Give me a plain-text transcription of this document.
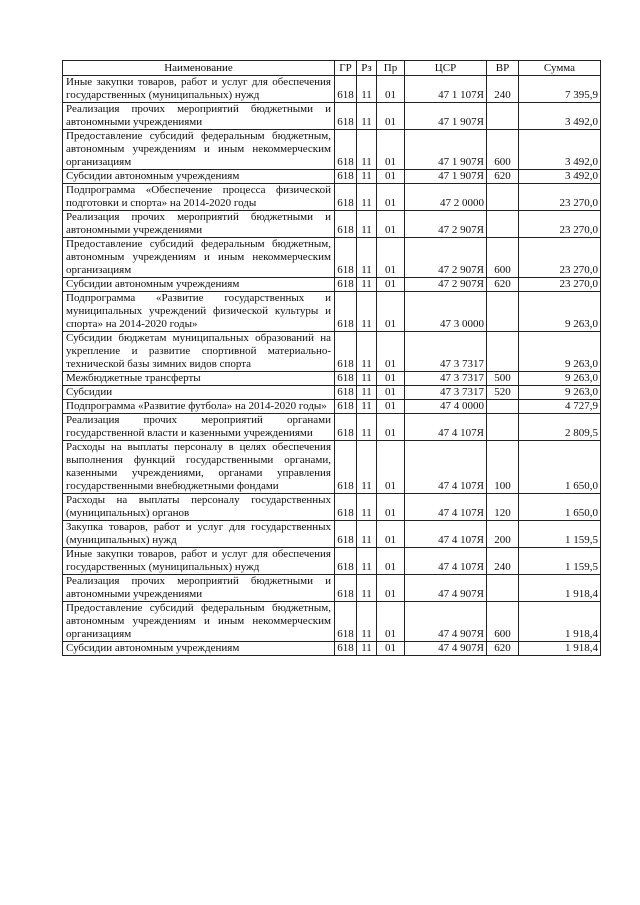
Наименование	ГР	Рз	Пр	ЦСР	ВР	Сумма
Иные закупки товаров, работ и услуг для обеспечения государственных (муниципальных) нужд	618	11	01	47 1 107Я	240	7 395,9
Реализация прочих мероприятий бюджетными и автономными учреждениями	618	11	01	47 1 907Я		3 492,0
Предоставление субсидий федеральным бюджетным, автономным учреждениям и иным некоммерческим организациям	618	11	01	47 1 907Я	600	3 492,0
Субсидии автономным учреждениям	618	11	01	47 1 907Я	620	3 492,0
Подпрограмма «Обеспечение процесса физической подготовки и спорта» на 2014-2020 годы	618	11	01	47 2 0000		23 270,0
Реализация прочих мероприятий бюджетными и автономными учреждениями	618	11	01	47 2 907Я		23 270,0
Предоставление субсидий федеральным бюджетным, автономным учреждениям и иным некоммерческим организациям	618	11	01	47 2 907Я	600	23 270,0
Субсидии автономным учреждениям	618	11	01	47 2 907Я	620	23 270,0
Подпрограмма «Развитие государственных и муниципальных учреждений физической культуры и спорта» на 2014-2020 годы»	618	11	01	47 3 0000		9 263,0
Субсидии бюджетам муниципальных образований на укрепление и развитие спортивной материально-технической базы зимних видов спорта	618	11	01	47 3 7317		9 263,0
Межбюджетные трансферты	618	11	01	47 3 7317	500	9 263,0
Субсидии	618	11	01	47 3 7317	520	9 263,0
Подпрограмма «Развитие футбола» на 2014-2020 годы»	618	11	01	47 4 0000		4 727,9
Реализация прочих мероприятий органами государственной власти и казенными учреждениями	618	11	01	47 4 107Я		2 809,5
Расходы на выплаты персоналу в целях обеспечения выполнения функций государственными органами, казенными учреждениями, органами управления государственными внебюджетными фондами	618	11	01	47 4 107Я	100	1 650,0
Расходы на выплаты персоналу государственных (муниципальных) органов	618	11	01	47 4 107Я	120	1 650,0
Закупка товаров, работ и услуг для государственных (муниципальных) нужд	618	11	01	47 4 107Я	200	1 159,5
Иные закупки товаров, работ и услуг для обеспечения государственных (муниципальных) нужд	618	11	01	47 4 107Я	240	1 159,5
Реализация прочих мероприятий бюджетными и автономными учреждениями	618	11	01	47 4 907Я		1 918,4
Предоставление субсидий федеральным бюджетным, автономным учреждениям и иным некоммерческим организациям	618	11	01	47 4 907Я	600	1 918,4
Субсидии автономным учреждениям	618	11	01	47 4 907Я	620	1 918,4
